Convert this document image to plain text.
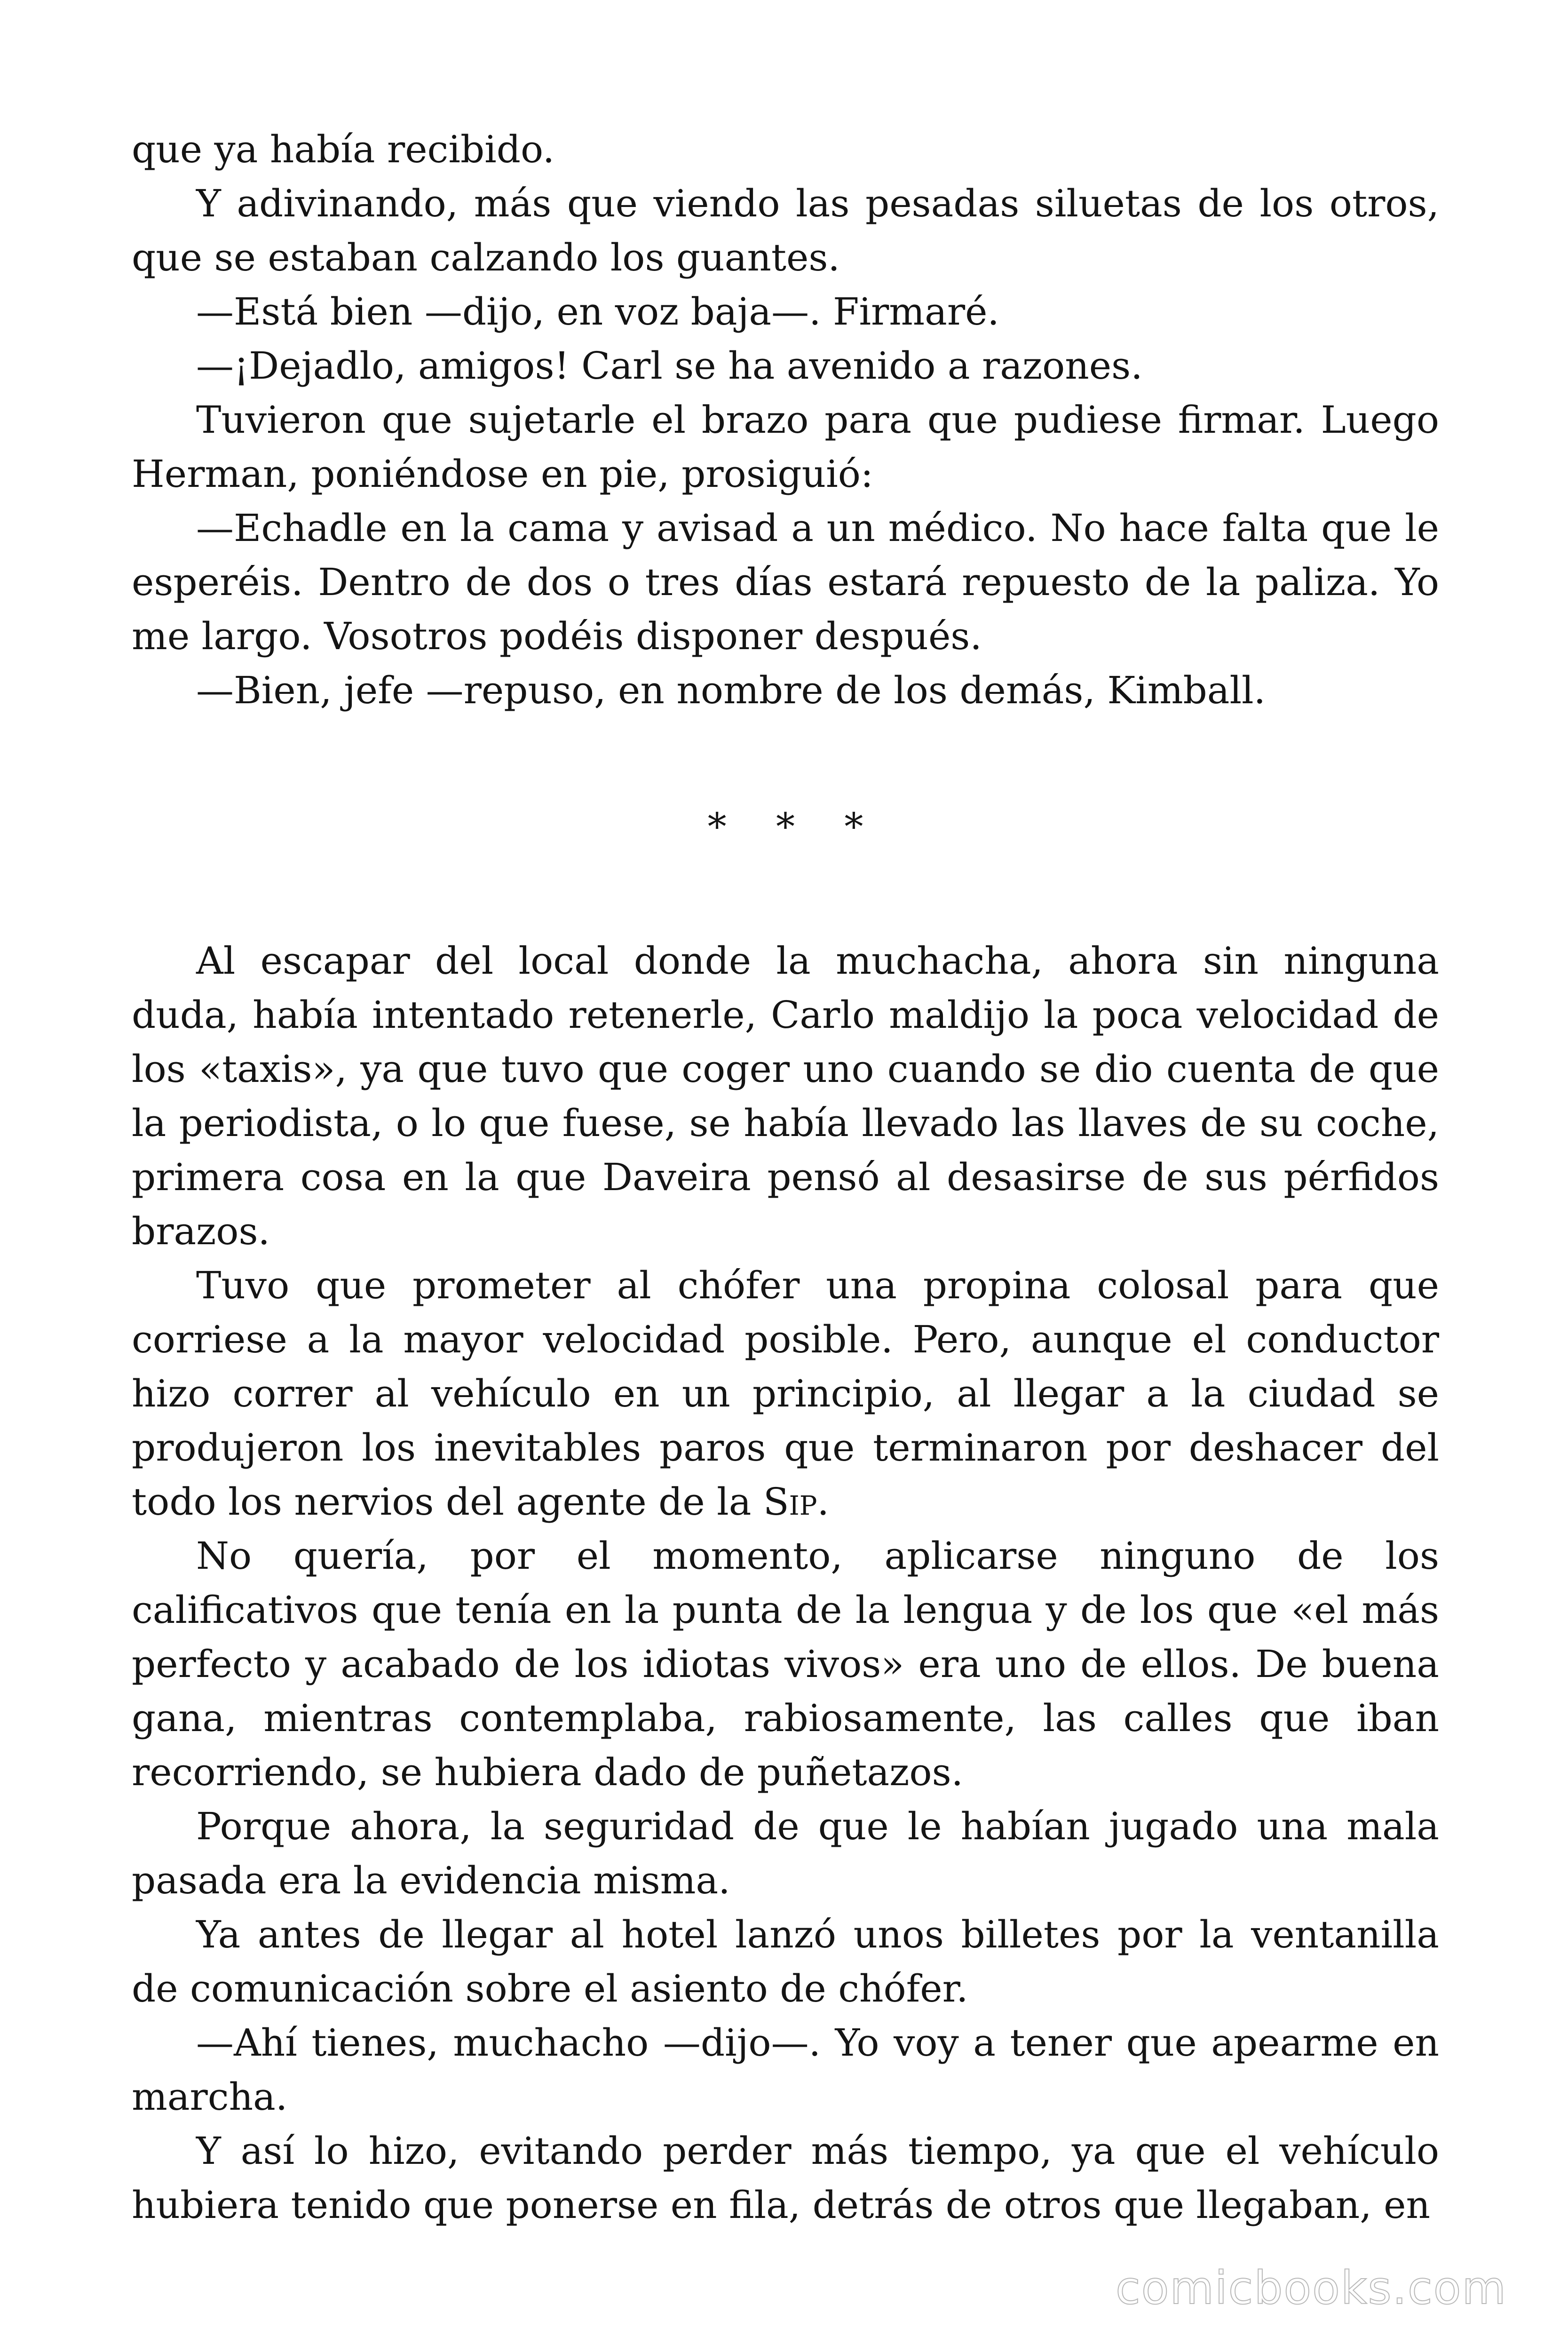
que ya había recibido.

Y adivinando, más que viendo las pesadas siluetas de los otros, que se estaban calzando los guantes.

—Está bien —dijo, en voz baja—. Firmaré.

—¡Dejadlo, amigos! Carl se ha avenido a razones.

Tuvieron que sujetarle el brazo para que pudiese firmar. Luego Herman, poniéndose en pie, prosiguió:

—Echadle en la cama y avisad a un médico. No hace falta que le esperéis. Dentro de dos o tres días estará repuesto de la paliza. Yo me largo. Vosotros podéis disponer después.

—Bien, jefe —repuso, en nombre de los demás, Kimball.

* * *

Al escapar del local donde la muchacha, ahora sin ninguna duda, había intentado retenerle, Carlo maldijo la poca velocidad de los «taxis», ya que tuvo que coger uno cuando se dio cuenta de que la periodista, o lo que fuese, se había llevado las llaves de su coche, primera cosa en la que Daveira pensó al desasirse de sus pérfidos brazos.

Tuvo que prometer al chófer una propina colosal para que corriese a la mayor velocidad posible. Pero, aunque el conductor hizo correr al vehículo en un principio, al llegar a la ciudad se produjeron los inevitables paros que terminaron por deshacer del todo los nervios del agente de la Sip.

No quería, por el momento, aplicarse ninguno de los calificativos que tenía en la punta de la lengua y de los que «el más perfecto y acabado de los idiotas vivos» era uno de ellos. De buena gana, mientras contemplaba, rabiosamente, las calles que iban recorriendo, se hubiera dado de puñetazos.

Porque ahora, la seguridad de que le habían jugado una mala pasada era la evidencia misma.

Ya antes de llegar al hotel lanzó unos billetes por la ventanilla de comunicación sobre el asiento de chófer.

—Ahí tienes, muchacho —dijo—. Yo voy a tener que apearme en marcha.

Y así lo hizo, evitando perder más tiempo, ya que el vehículo hubiera tenido que ponerse en fila, detrás de otros que llegaban, en

comicbooks.com
